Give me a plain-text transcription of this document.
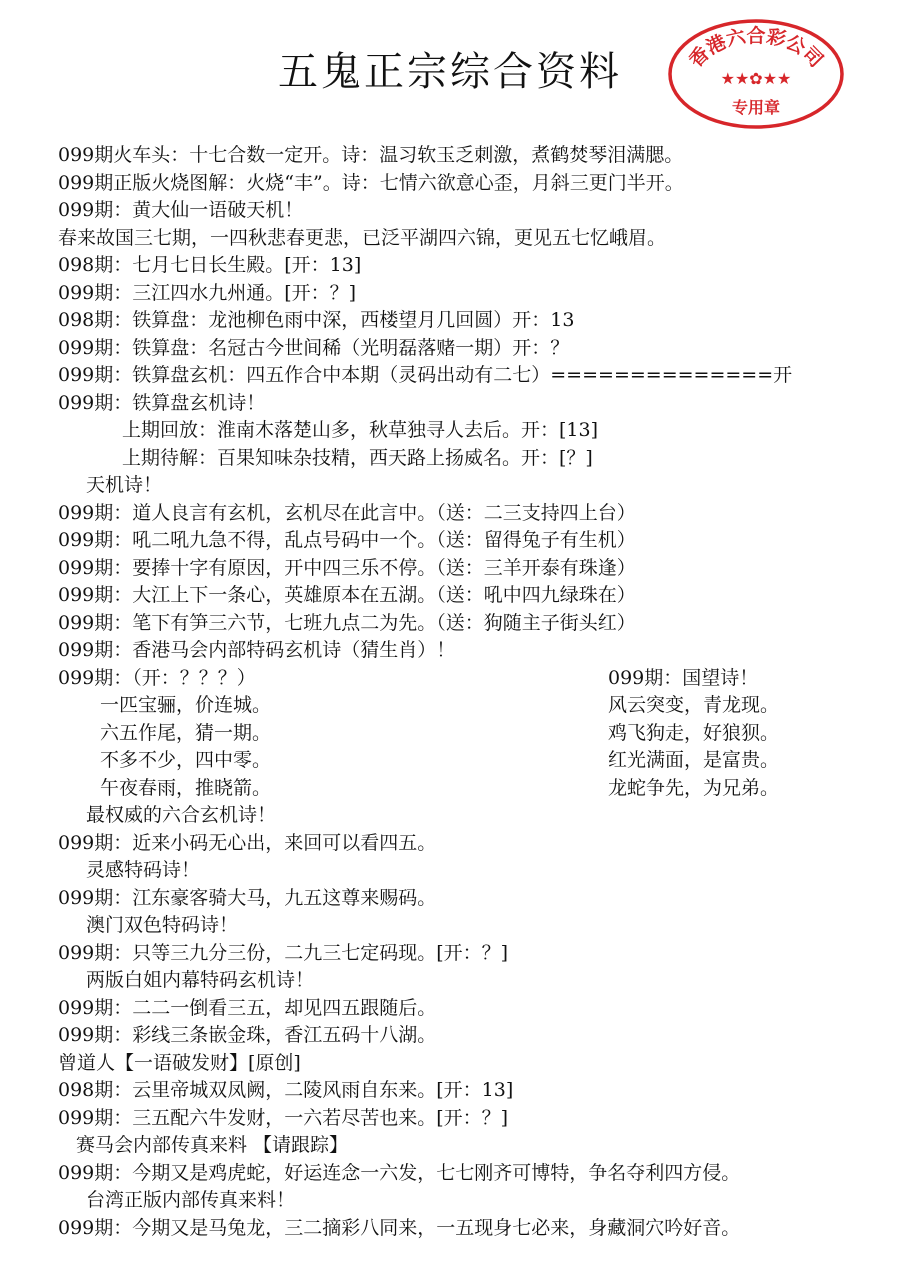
五鬼正宗综合资料	香港六合彩公司
★★✿★★
专用章
099期火车头：十七合数一定开。诗：温习软玉乏刺激，煮鹤焚琴泪满腮。
099期正版火烧图解：火烧“丰”。诗：七情六欲意心歪，月斜三更门半开。
099期：黄大仙一语破天机！
春来故国三七期，一四秋悲春更悲，已泛平湖四六锦，更见五七忆峨眉。
098期：七月七日长生殿。[开：13]
099期：三江四水九州通。[开：？]
098期：铁算盘：龙池柳色雨中深，西楼望月几回圆）开：13
099期：铁算盘：名冠古今世间稀（光明磊落赌一期）开：？
099期：铁算盘玄机：四五作合中本期（灵码出动有二七）==============开
099期：铁算盘玄机诗！
上期回放：淮南木落楚山多，秋草独寻人去后。开：[13]
上期待解：百果知味杂技精，西天路上扬威名。开：[？]
天机诗！
099期：道人良言有玄机，玄机尽在此言中。（送：二三支持四上台）
099期：吼二吼九急不得，乱点号码中一个。（送：留得兔子有生机）
099期：要捧十字有原因，开中四三乐不停。（送：三羊开泰有珠逢）
099期：大江上下一条心，英雄原本在五湖。（送：吼中四九绿珠在）
099期：笔下有笋三六节，七班九点二为先。（送：狗随主子街头红）
099期：香港马会内部特码玄机诗（猜生肖）！
099期：（开：？？？）
一匹宝骊，价连城。
六五作尾，猜一期。
不多不少，四中零。
午夜春雨，推晓箭。
最权威的六合玄机诗！
099期：近来小码无心出，来回可以看四五。
灵感特码诗！
099期：江东豪客骑大马，九五这尊来赐码。
澳门双色特码诗！
099期：只等三九分三份，二九三七定码现。[开：？]
两版白姐内幕特码玄机诗！
099期：二二一倒看三五，却见四五跟随后。
099期：彩线三条嵌金珠，香江五码十八湖。
曾道人【一语破发财】[原创]
098期：云里帝城双凤阙，二陵风雨自东来。[开：13]
099期：三五配六牛发财，一六若尽苦也来。[开：？]
赛马会内部传真来料 【请跟踪】
099期：今期又是鸡虎蛇，好运连念一六发，七七刚齐可博特，争名夺利四方侵。
台湾正版内部传真来料！
099期：今期又是马兔龙，三二摘彩八同来，一五现身七必来，身藏洞穴吟好音。
099期：国望诗！
风云突变，青龙现。
鸡飞狗走，好狼狈。
红光满面，是富贵。
龙蛇争先，为兄弟。
